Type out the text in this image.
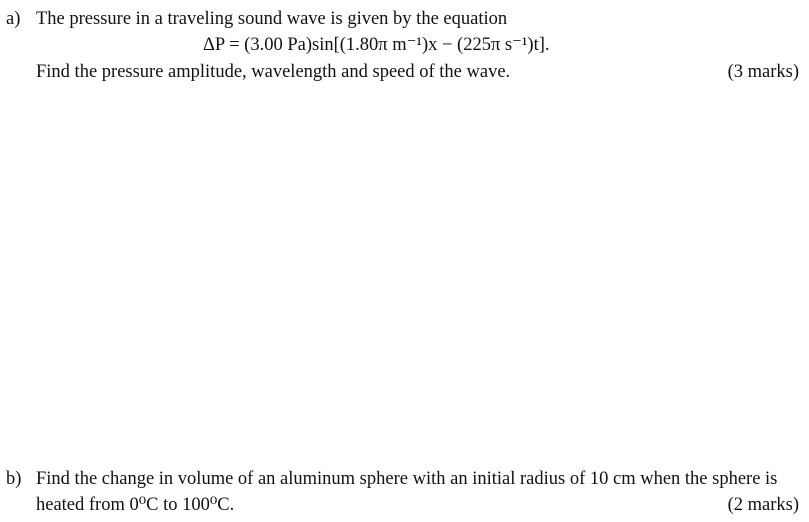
a) The pressure in a traveling sound wave is given by the equation
ΔP = (3.00 Pa)sin[(1.80π m⁻¹)x − (225π s⁻¹)t].
Find the pressure amplitude, wavelength and speed of the wave.	(3 marks)
b) Find the change in volume of an aluminum sphere with an initial radius of 10 cm when the sphere is
heated from 0⁰C to 100⁰C.	(2 marks)
